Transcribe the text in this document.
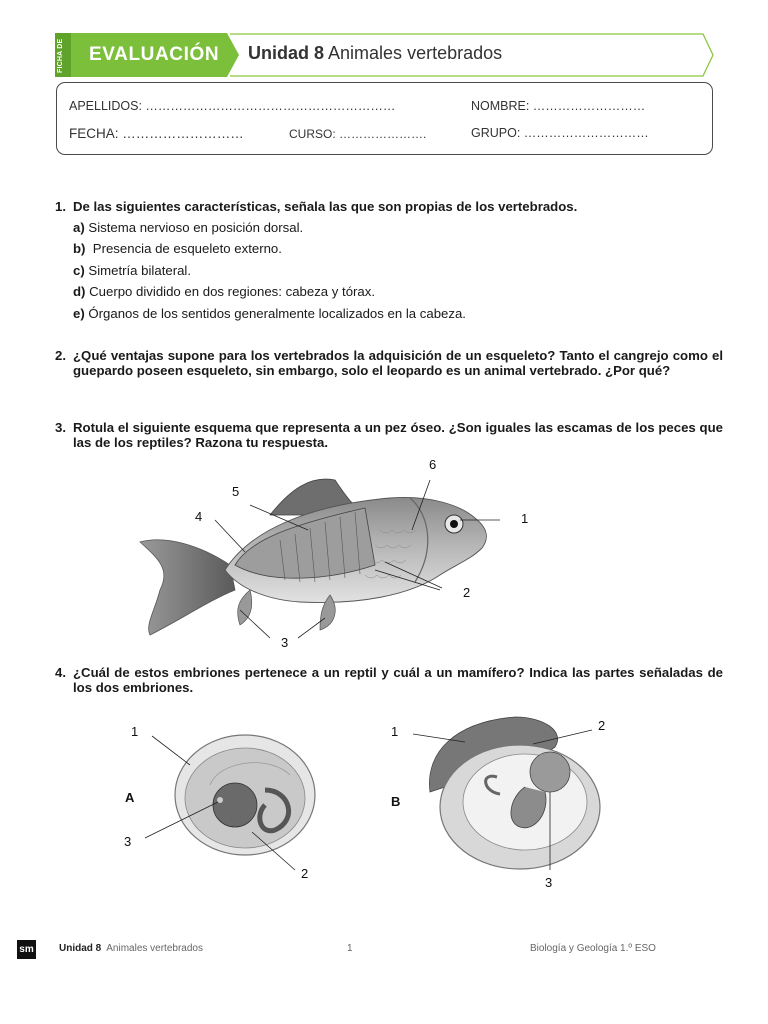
FICHA DE	EVALUACIÓN Unidad 8 Animales vertebrados
APELLIDOS: ……………………………………………………	NOMBRE: ………………………
FECHA: ………………………	CURSO: ………………….	GRUPO: …………………………
1. De las siguientes características, señala las que son propias de los vertebrados.
a) Sistema nervioso en posición dorsal.
b) Presencia de esqueleto externo.
c) Simetría bilateral.
d) Cuerpo dividido en dos regiones: cabeza y tórax.
e) Órganos de los sentidos generalmente localizados en la cabeza.
2. ¿Qué ventajas supone para los vertebrados la adquisición de un esqueleto? Tanto el cangrejo como el guepardo poseen esqueleto, sin embargo, solo el leopardo es un animal vertebrado. ¿Por qué?
3. Rotula el siguiente esquema que representa a un pez óseo. ¿Son iguales las escamas de los peces que las de los reptiles? Razona tu respuesta.
1
2
3
4
5
6
4. ¿Cuál de estos embriones pertenece a un reptil y cuál a un mamífero? Indica las partes señaladas de los dos embriones.
1
2
3
A
1	2
3
B
sm	Unidad 8 Animales vertebrados	1	Biología y Geología 1.º ESO
